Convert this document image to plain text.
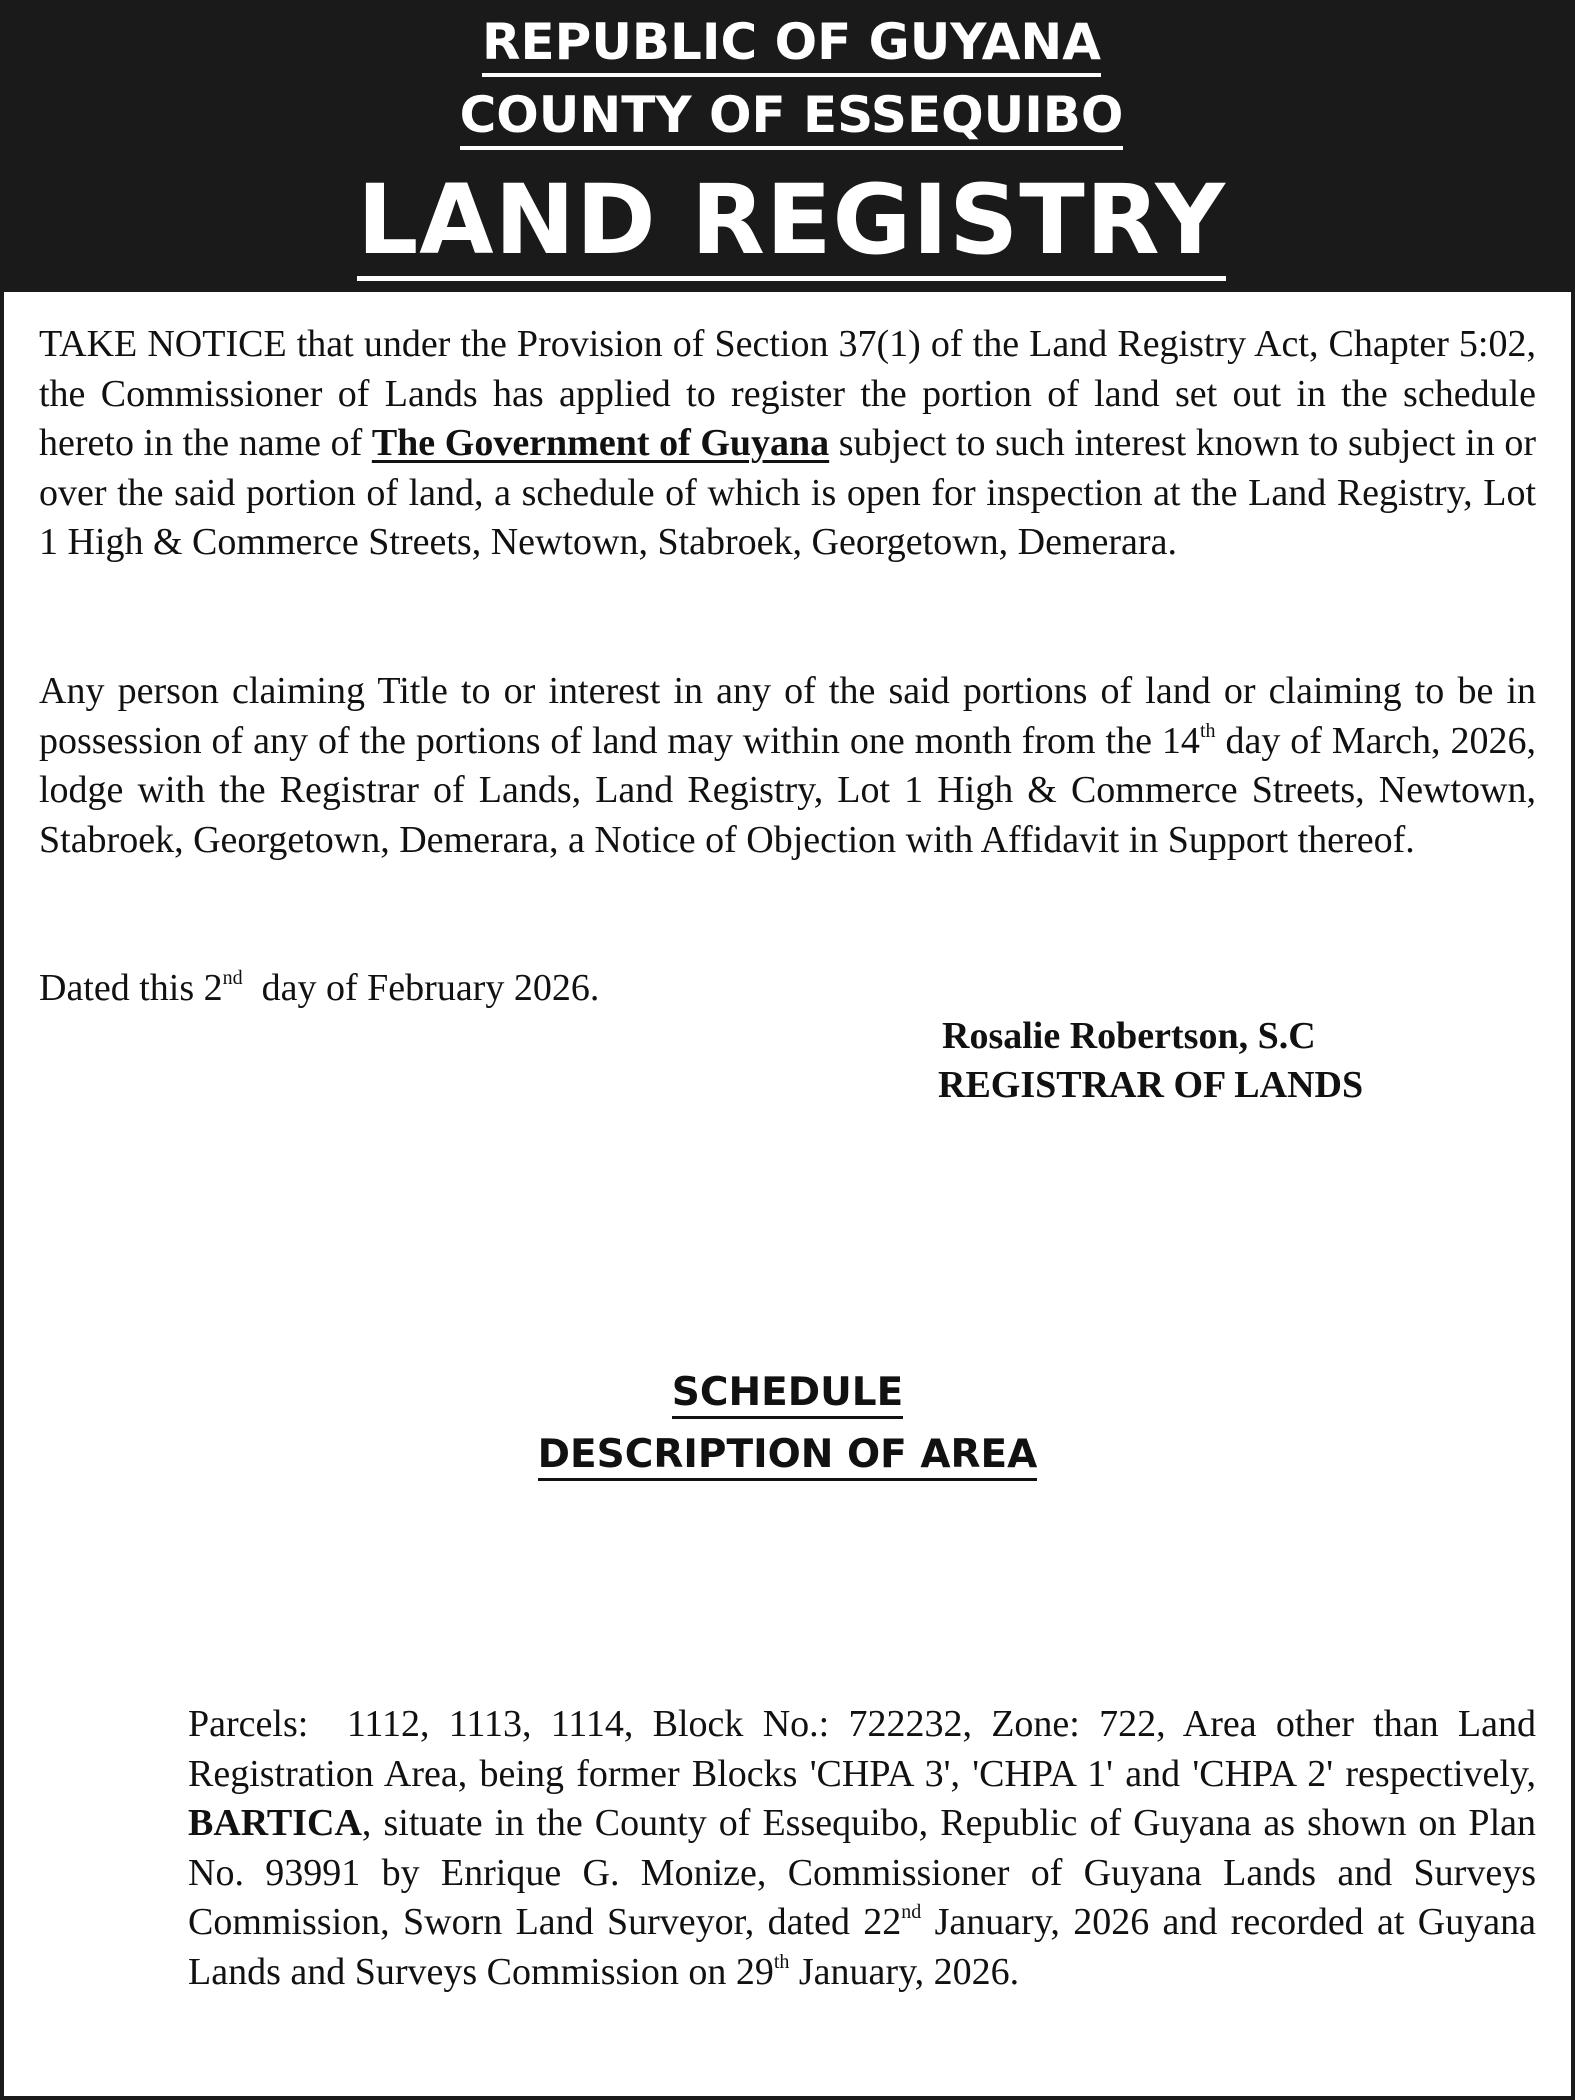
REPUBLIC OF GUYANA
COUNTY OF ESSEQUIBO
LAND REGISTRY

TAKE NOTICE that under the Provision of Section 37(1) of the Land Registry Act, Chapter 5:02, the Commissioner of Lands has applied to register the portion of land set out in the schedule hereto in the name of The Government of Guyana subject to such interest known to subject in or over the said portion of land, a schedule of which is open for inspection at the Land Registry, Lot 1 High & Commerce Streets, Newtown, Stabroek, Georgetown, Demerara.

Any person claiming Title to or interest in any of the said portions of land or claiming to be in possession of any of the portions of land may within one month from the 14th day of March, 2026, lodge with the Registrar of Lands, Land Registry, Lot 1 High & Commerce Streets, Newtown, Stabroek, Georgetown, Demerara, a Notice of Objection with Affidavit in Support thereof.

Dated this 2nd  day of February 2026.

Rosalie Robertson, S.C
REGISTRAR OF LANDS
SCHEDULE
DESCRIPTION OF AREA

Parcels:  1112, 1113, 1114, Block No.: 722232, Zone: 722, Area other than Land Registration Area, being former Blocks 'CHPA 3', 'CHPA 1' and 'CHPA 2' respectively, BARTICA, situate in the County of Essequibo, Republic of Guyana as shown on Plan No. 93991 by Enrique G. Monize, Commissioner of Guyana Lands and Surveys Commission, Sworn Land Surveyor, dated 22nd January, 2026 and recorded at Guyana Lands and Surveys Commission on 29th January, 2026.
